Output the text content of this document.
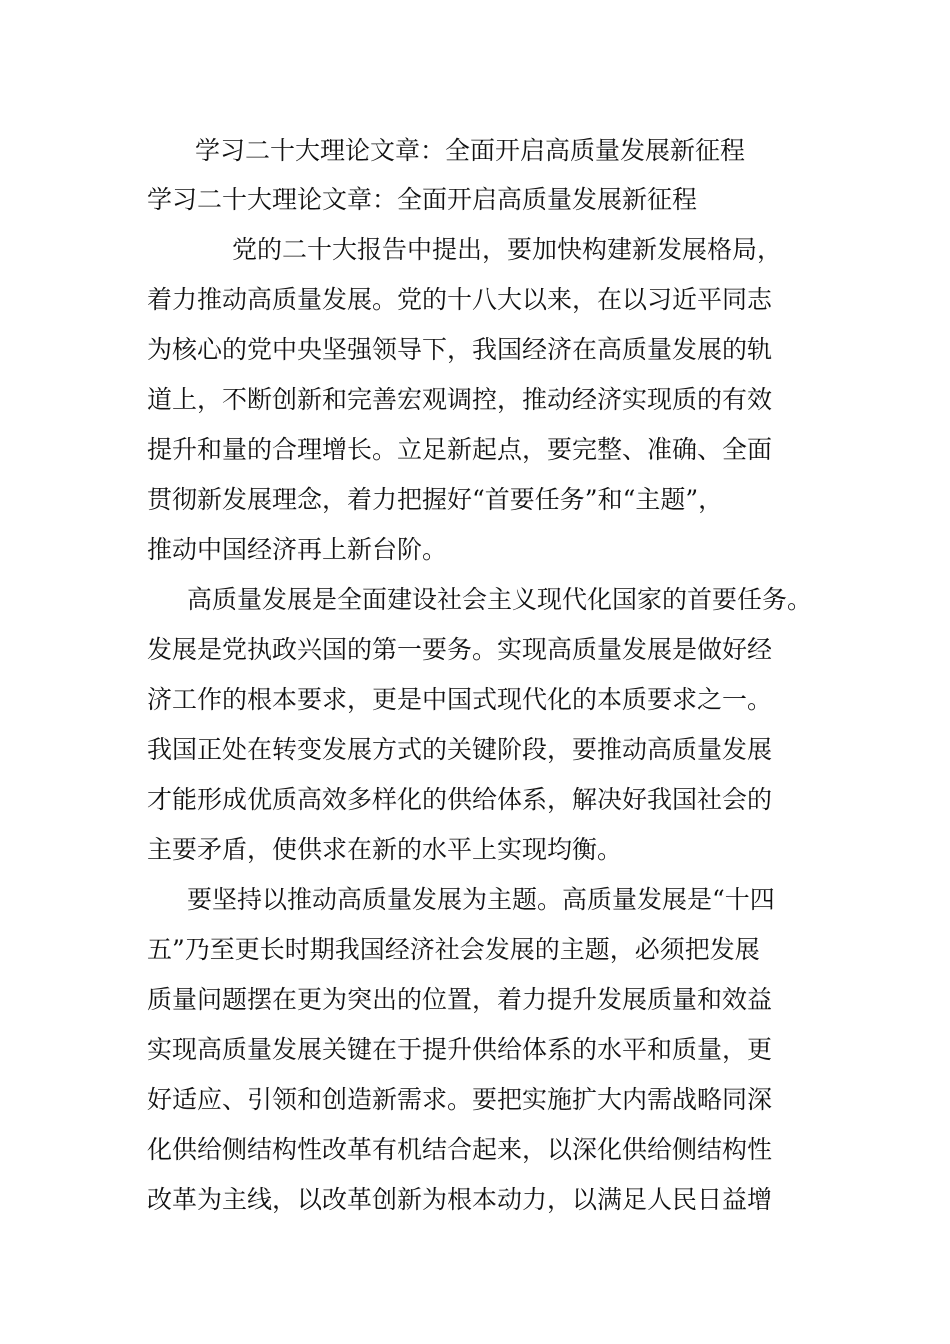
学习二十大理论文章：全面开启高质量发展新征程
学习二十大理论文章：全面开启高质量发展新征程
党的二十大报告中提出，要加快构建新发展格局，
着力推动高质量发展。党的十八大以来，在以习近平同志
为核心的党中央坚强领导下，我国经济在高质量发展的轨
道上，不断创新和完善宏观调控，推动经济实现质的有效
提升和量的合理增长。立足新起点，要完整、准确、全面
贯彻新发展理念，着力把握好“首要任务”和“主题”，
推动中国经济再上新台阶。
高质量发展是全面建设社会主义现代化国家的首要任务。
发展是党执政兴国的第一要务。实现高质量发展是做好经
济工作的根本要求，更是中国式现代化的本质要求之一。
我国正处在转变发展方式的关键阶段，要推动高质量发展
才能形成优质高效多样化的供给体系，解决好我国社会的
主要矛盾，使供求在新的水平上实现均衡。
要坚持以推动高质量发展为主题。高质量发展是“十四
五”乃至更长时期我国经济社会发展的主题，必须把发展
质量问题摆在更为突出的位置，着力提升发展质量和效益
实现高质量发展关键在于提升供给体系的水平和质量，更
好适应、引领和创造新需求。要把实施扩大内需战略同深
化供给侧结构性改革有机结合起来，以深化供给侧结构性
改革为主线，以改革创新为根本动力，以满足人民日益增
